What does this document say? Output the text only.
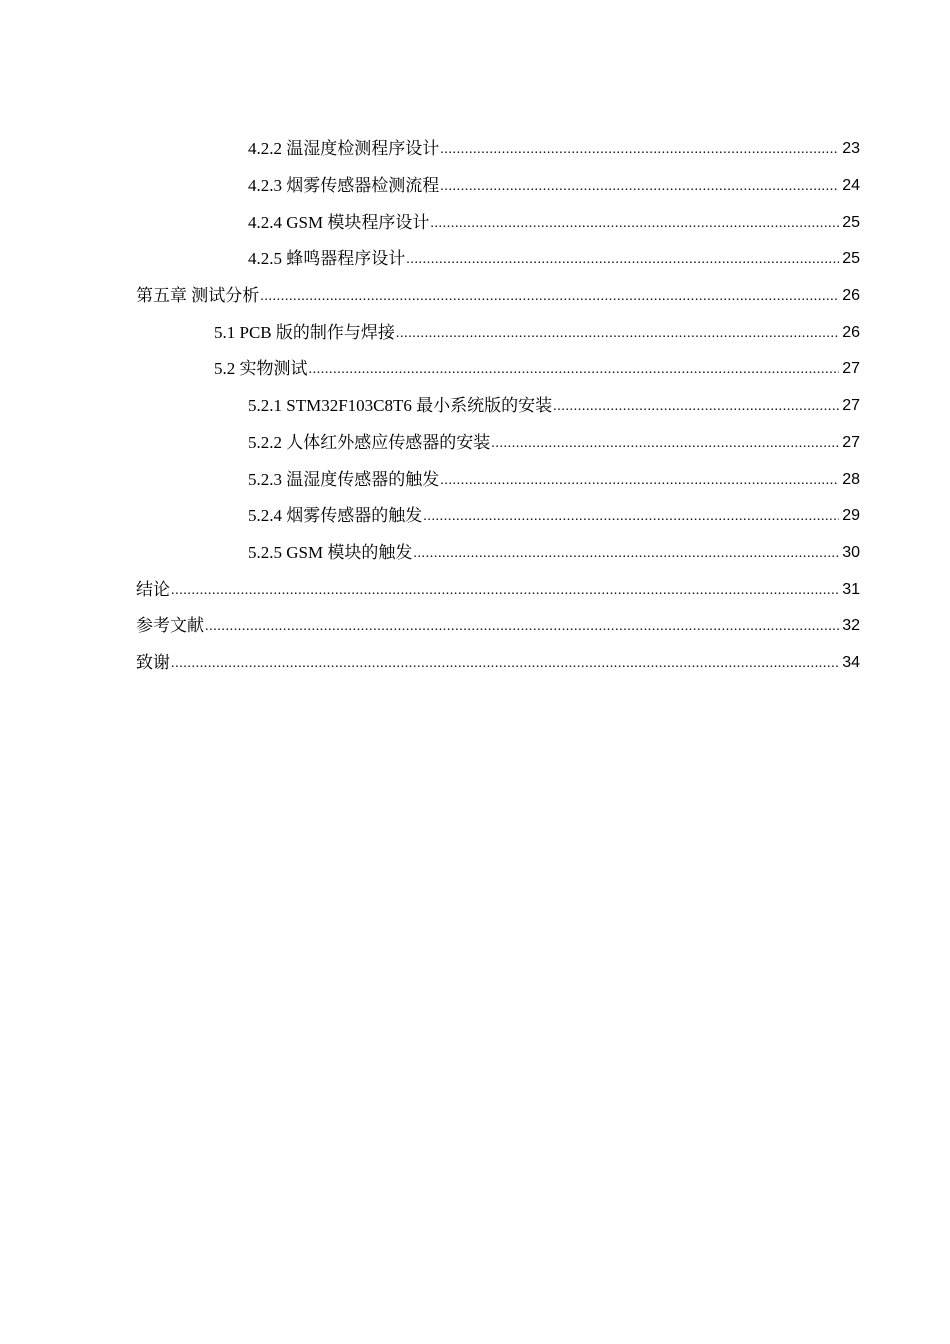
4.2.2 温湿度检测程序设计 .....	23
4.2.3 烟雾传感器检测流程 .....	24
4.2.4 GSM 模块程序设计 .....	25
4.2.5 蜂鸣器程序设计 .....	25
第五章 测试分析 .....	26
5.1 PCB 版的制作与焊接 .....	26
5.2 实物测试 .....	27
5.2.1 STM32F103C8T6 最小系统版的安装 .....	27
5.2.2 人体红外感应传感器的安装 .....	27
5.2.3 温湿度传感器的触发 .....	28
5.2.4 烟雾传感器的触发 .....	29
5.2.5 GSM 模块的触发 .....	30
结论 .....	31
参考文献 .....	32
致谢 .....	34
